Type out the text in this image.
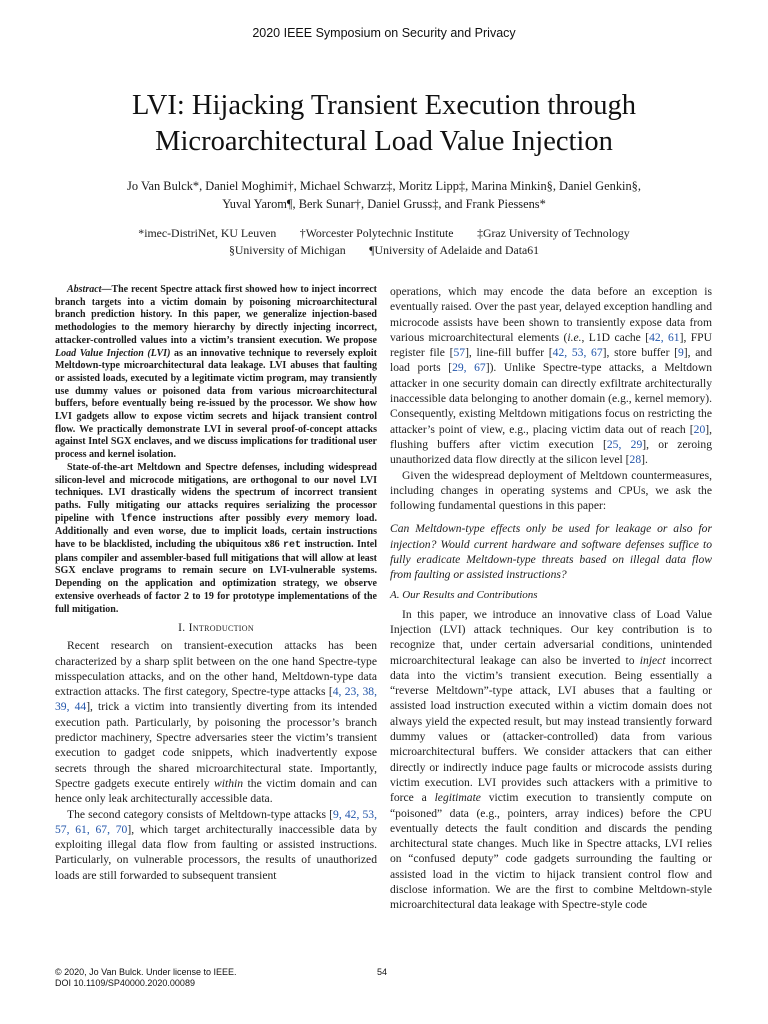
2020 IEEE Symposium on Security and Privacy
LVI: Hijacking Transient Execution through
Microarchitectural Load Value Injection
Jo Van Bulck*, Daniel Moghimi†, Michael Schwarz‡, Moritz Lipp‡, Marina Minkin§, Daniel Genkin§,
Yuval Yarom¶, Berk Sunar†, Daniel Gruss‡, and Frank Piessens*
*imec-DistriNet, KU Leuven        †Worcester Polytechnic Institute        ‡Graz University of Technology
§University of Michigan        ¶University of Adelaide and Data61

Abstract—The recent Spectre attack first showed how to inject incorrect branch targets into a victim domain by poisoning microarchitectural branch prediction history. In this paper, we generalize injection-based methodologies to the memory hierarchy by directly injecting incorrect, attacker-controlled values into a victim’s transient execution. We propose Load Value Injection (LVI) as an innovative technique to reversely exploit Meltdown-type microarchitectural data leakage. LVI abuses that faulting or assisted loads, executed by a legitimate victim program, may transiently use dummy values or poisoned data from various microarchitectural buffers, before eventually being re-issued by the processor. We show how LVI gadgets allow to expose victim secrets and hijack transient control flow. We practically demonstrate LVI in several proof-of-concept attacks against Intel SGX enclaves, and we discuss implications for traditional user process and kernel isolation.

State-of-the-art Meltdown and Spectre defenses, including widespread silicon-level and microcode mitigations, are orthogonal to our novel LVI techniques. LVI drastically widens the spectrum of incorrect transient paths. Fully mitigating our attacks requires serializing the processor pipeline with lfence instructions after possibly every memory load. Additionally and even worse, due to implicit loads, certain instructions have to be blacklisted, including the ubiquitous x86 ret instruction. Intel plans compiler and assembler-based full mitigations that will allow at least SGX enclave programs to remain secure on LVI-vulnerable systems. Depending on the application and optimization strategy, we observe extensive overheads of factor 2 to 19 for prototype implementations of the full mitigation.

I. Introduction

Recent research on transient-execution attacks has been characterized by a sharp split between on the one hand Spectre-type misspeculation attacks, and on the other hand, Meltdown-type data extraction attacks. The first category, Spectre-type attacks [4, 23, 38, 39, 44], trick a victim into transiently diverting from its intended execution path. Particularly, by poisoning the processor’s branch predictor machinery, Spectre adversaries steer the victim’s transient execution to gadget code snippets, which inadvertently expose secrets through the shared microarchitectural state. Importantly, Spectre gadgets execute entirely within the victim domain and can hence only leak architecturally accessible data.

The second category consists of Meltdown-type attacks [9, 42, 53, 57, 61, 67, 70], which target architecturally inaccessible data by exploiting illegal data flow from faulting or assisted instructions. Particularly, on vulnerable processors, the results of unauthorized loads are still forwarded to subsequent transient

operations, which may encode the data before an exception is eventually raised. Over the past year, delayed exception handling and microcode assists have been shown to transiently expose data from various microarchitectural elements (i.e., L1D cache [42, 61], FPU register file [57], line-fill buffer [42, 53, 67], store buffer [9], and load ports [29, 67]). Unlike Spectre-type attacks, a Meltdown attacker in one security domain can directly exfiltrate architecturally inaccessible data belonging to another domain (e.g., kernel memory). Consequently, existing Meltdown mitigations focus on restricting the attacker’s point of view, e.g., placing victim data out of reach [20], flushing buffers after victim execution [25, 29], or zeroing unauthorized data flow directly at the silicon level [28].

Given the widespread deployment of Meltdown countermeasures, including changes in operating systems and CPUs, we ask the following fundamental questions in this paper:

Can Meltdown-type effects only be used for leakage or also for injection? Would current hardware and software defenses suffice to fully eradicate Meltdown-type threats based on illegal data flow from faulting or assisted instructions?

A. Our Results and Contributions

In this paper, we introduce an innovative class of Load Value Injection (LVI) attack techniques. Our key contribution is to recognize that, under certain adversarial conditions, unintended microarchitectural leakage can also be inverted to inject incorrect data into the victim’s transient execution. Being essentially a “reverse Meltdown”-type attack, LVI abuses that a faulting or assisted load instruction executed within a victim domain does not always yield the expected result, but may instead transiently forward dummy values or (attacker-controlled) data from various microarchitectural buffers. We consider attackers that can either directly or indirectly induce page faults or microcode assists during victim execution. LVI provides such attackers with a primitive to force a legitimate victim execution to transiently compute on “poisoned” data (e.g., pointers, array indices) before the CPU eventually detects the fault condition and discards the pending architectural state changes. Much like in Spectre attacks, LVI relies on “confused deputy” code gadgets surrounding the faulting or assisted load in the victim to hijack transient control flow and disclose information. We are the first to combine Meltdown-style microarchitectural data leakage with Spectre-style code

© 2020, Jo Van Bulck. Under license to IEEE.
DOI 10.1109/SP40000.2020.00089
54
